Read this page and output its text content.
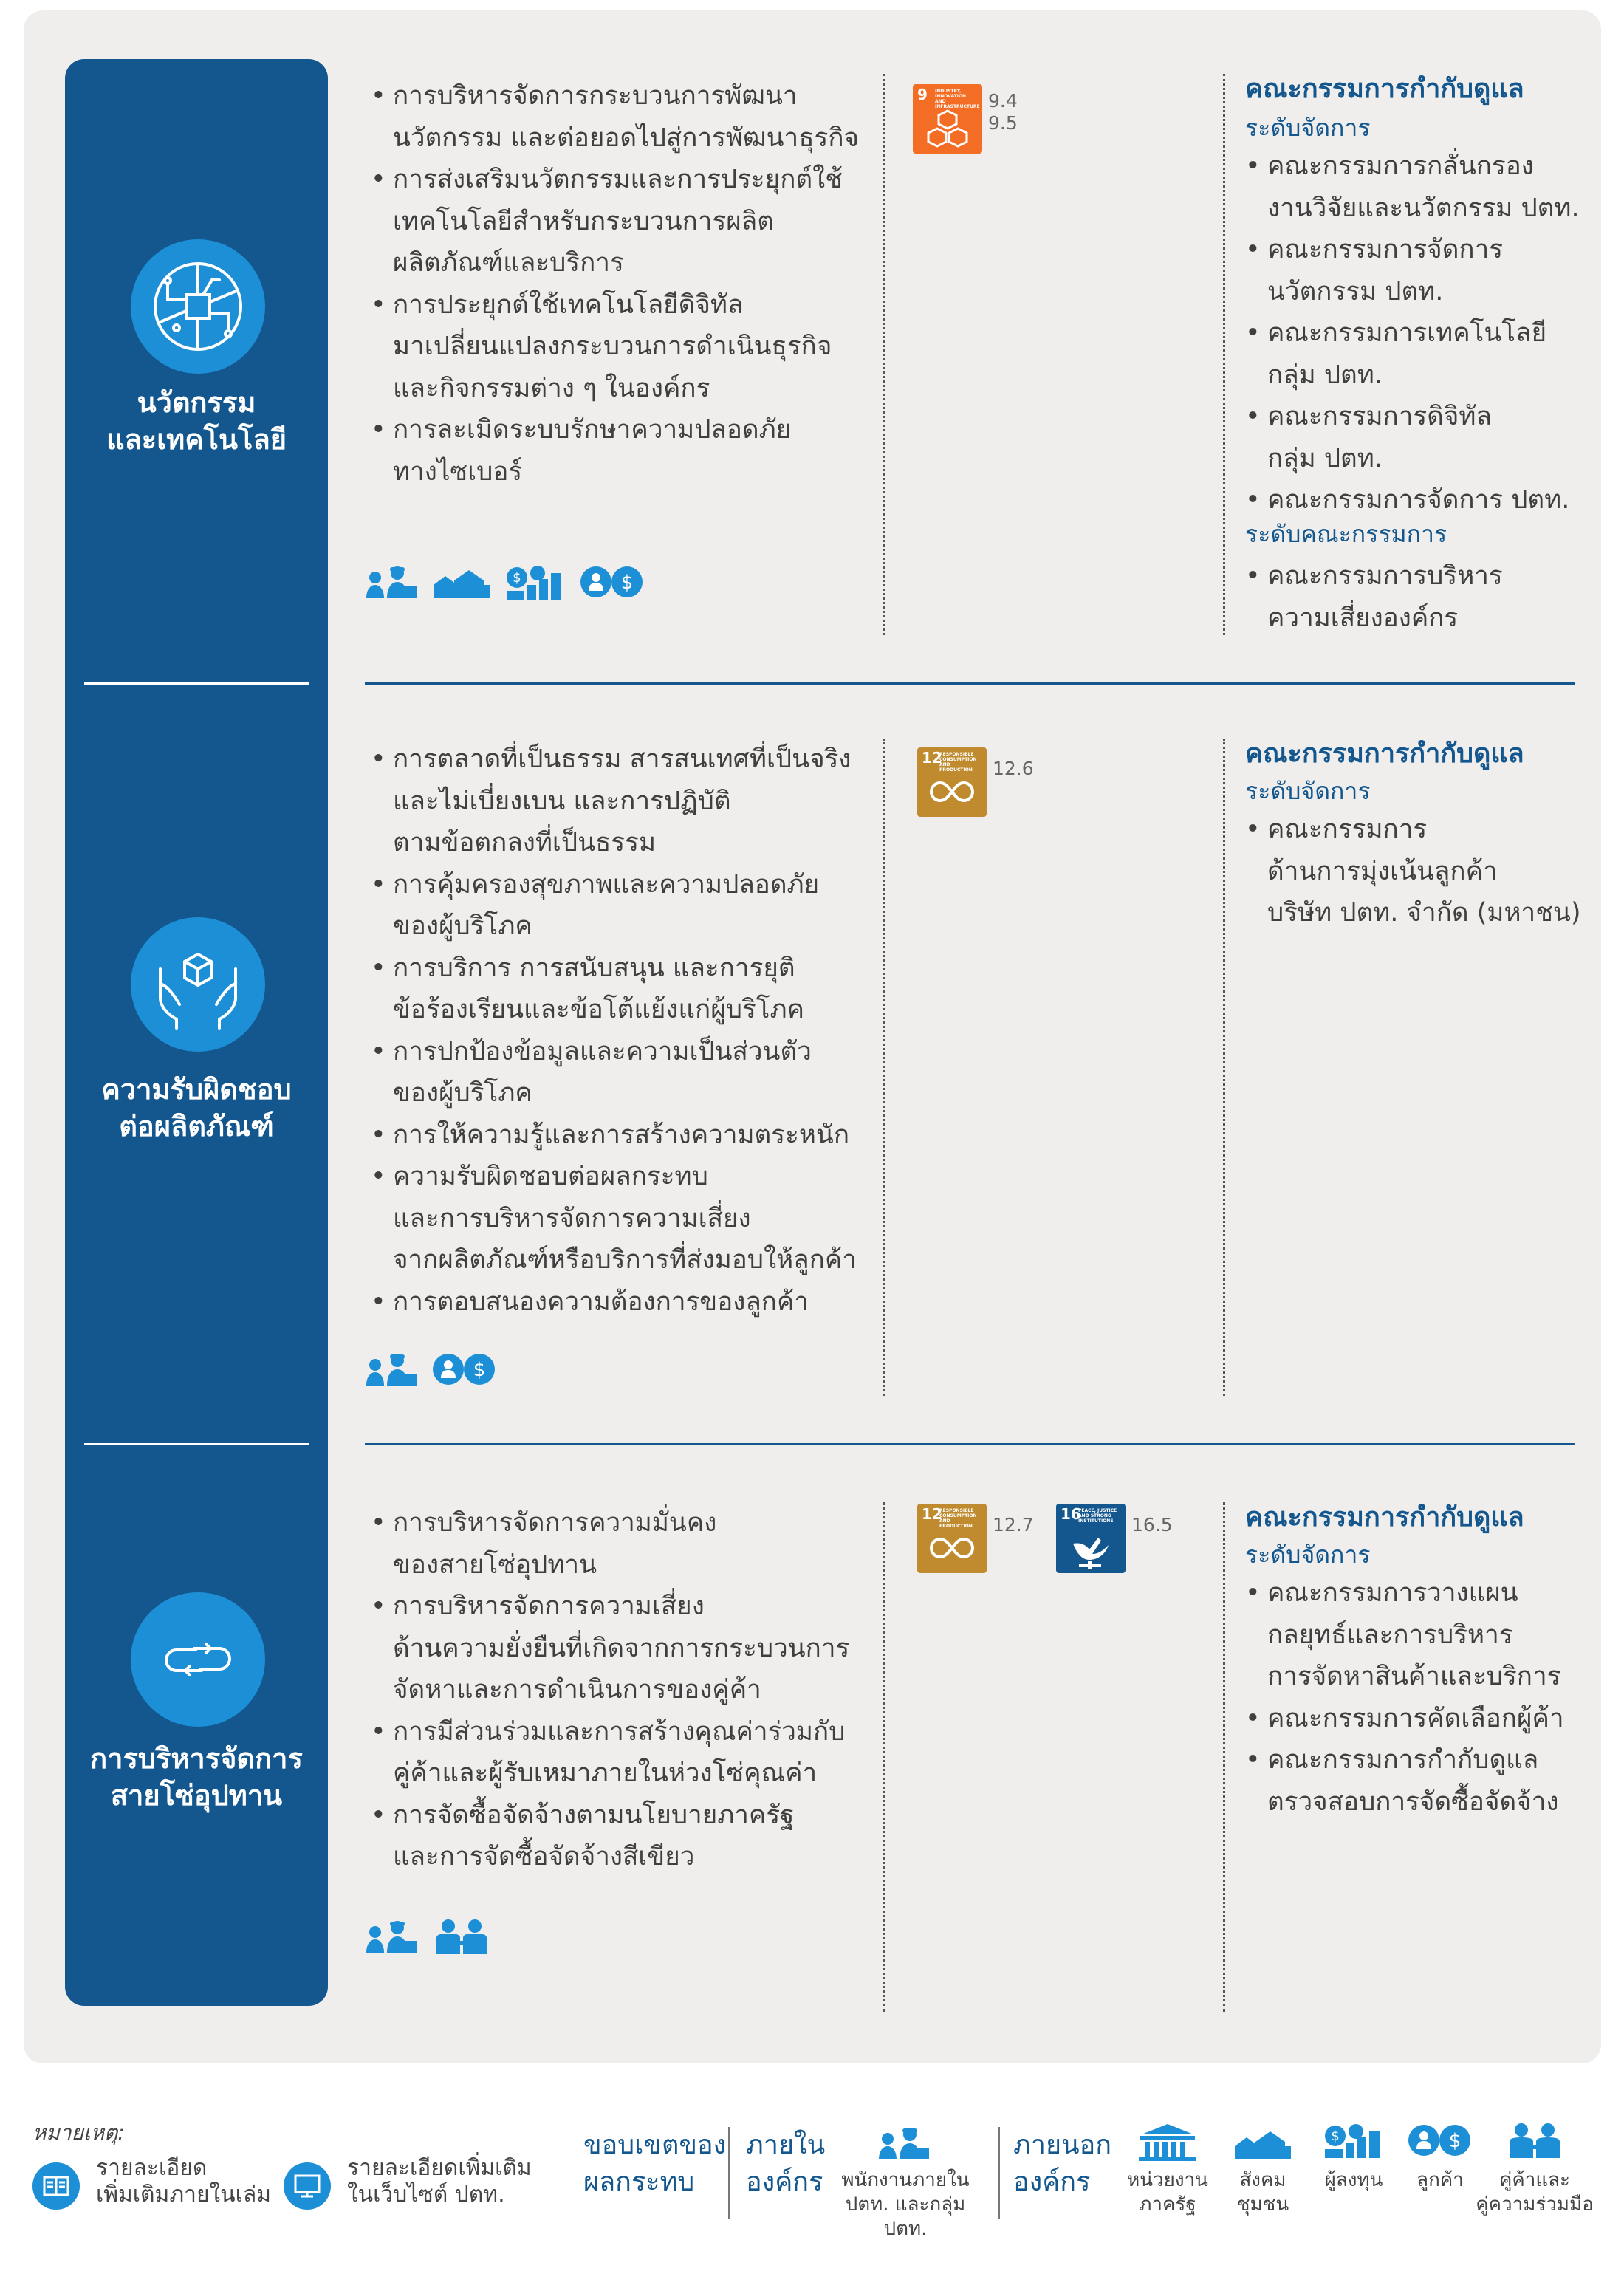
นวัตกรรม
และเทคโนโลยี
• การบริหารจัดการกระบวนการพัฒนา
นวัตกรรม และต่อยอดไปสู่การพัฒนาธุรกิจ
• การส่งเสริมนวัตกรรมและการประยุกต์ใช้
เทคโนโลยีสำหรับกระบวนการผลิต
ผลิตภัณฑ์และบริการ
• การประยุกต์ใช้เทคโนโลยีดิจิทัล
มาเปลี่ยนแปลงกระบวนการดำเนินธุรกิจ
และกิจกรรมต่าง ๆ ในองค์กร
• การละเมิดระบบรักษาความปลอดภัย
ทางไซเบอร์

$
	$
9 INDUSTRY, INNOVATION AND INFRASTRUCTURE 9.4
9.5
คณะกรรมการกำกับดูแล
ระดับจัดการ
• คณะกรรมการกลั่นกรอง
งานวิจัยและนวัตกรรม ปตท.
• คณะกรรมการจัดการ
นวัตกรรม ปตท.
• คณะกรรมการเทคโนโลยี
กลุ่ม ปตท.
• คณะกรรมการดิจิทัล
กลุ่ม ปตท.
• คณะกรรมการจัดการ ปตท.
ระดับคณะกรรมการ
• คณะกรรมการบริหาร
ความเสี่ยงองค์กร
ความรับผิดชอบ
ต่อผลิตภัณฑ์
• การตลาดที่เป็นธรรม สารสนเทศที่เป็นจริง
และไม่เบี่ยงเบน และการปฏิบัติ
ตามข้อตกลงที่เป็นธรรม
• การคุ้มครองสุขภาพและความปลอดภัย
ของผู้บริโภค
• การบริการ การสนับสนุน และการยุติ
ข้อร้องเรียนและข้อโต้แย้งแก่ผู้บริโภค
• การปกป้องข้อมูลและความเป็นส่วนตัว
ของผู้บริโภค
• การให้ความรู้และการสร้างความตระหนัก
• ความรับผิดชอบต่อผลกระทบ
และการบริหารจัดการความเสี่ยง
จากผลิตภัณฑ์หรือบริการที่ส่งมอบให้ลูกค้า
• การตอบสนองความต้องการของลูกค้า

$
12
RESPONSIBLE CONSUMPTION AND PRODUCTION	12.6	คณะกรรมการกำกับดูแล
ระดับจัดการ
• คณะกรรมการ
ด้านการมุ่งเน้นลูกค้า
บริษัท ปตท. จำกัด (มหาชน)
การบริหารจัดการ
สายโซ่อุปทาน
• การบริหารจัดการความมั่นคง
ของสายโซ่อุปทาน
• การบริหารจัดการความเสี่ยง
ด้านความยั่งยืนที่เกิดจากการกระบวนการ
จัดหาและการดำเนินการของคู่ค้า
• การมีส่วนร่วมและการสร้างคุณค่าร่วมกับ
คู่ค้าและผู้รับเหมาภายในห่วงโซ่คุณค่า
• การจัดซื้อจัดจ้างตามนโยบายภาครัฐ
และการจัดซื้อจัดจ้างสีเขียว

12
RESPONSIBLE CONSUMPTION AND PRODUCTION	12.7 16
PEACE, JUSTICE AND STRONG INSTITUTIONS 16.5	คณะกรรมการกำกับดูแล
ระดับจัดการ
• คณะกรรมการวางแผน
กลยุทธ์และการบริหาร
การจัดหาสินค้าและบริการ
• คณะกรรมการคัดเลือกผู้ค้า
• คณะกรรมการกำกับดูแล
ตรวจสอบการจัดซื้อจัดจ้าง
หมายเหตุ:
รายละเอียด
เพิ่มเติมภายในเล่ม
รายละเอียดเพิ่มเติม
ในเว็บไซต์ ปตท.
ขอบเขตของ
ผลกระทบ
ภายใน
องค์กร พนักงานภายใน
ปตท. และกลุ่ม ปตท.
ภายนอก
องค์กร	หน่วยงาน
ภาครัฐ
สังคม
ชุมชน
$
ผู้ลงทุน
$
ลูกค้า	คู่ค้าและ
คู่ความร่วมมือ
